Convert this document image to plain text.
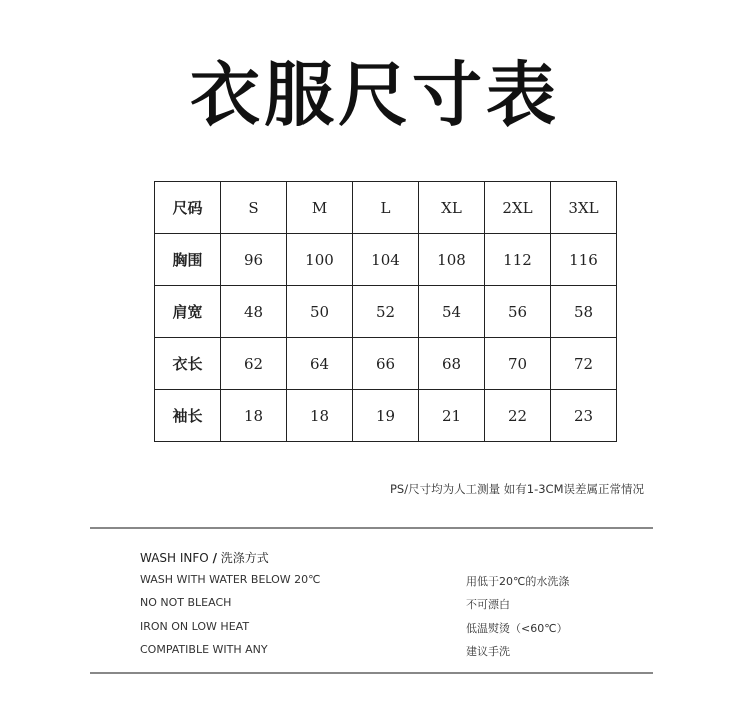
衣服尺寸表
尺码	S	M	L	XL	2XL	3XL
胸围	96	100	104	108	112	116
肩宽	48	50	52	54	56	58
衣长	62	64	66	68	70	72
袖长	18	18	19	21	22	23
PS/尺寸均为人工测量 如有1-3CM误差属正常情况
WASH INFO / 洗涤方式
WASH WITH WATER BELOW 20℃
NO NOT BLEACH
IRON ON LOW HEAT
COMPATIBLE WITH ANY
用低于20℃的水洗涤
不可漂白
低温熨烫（<60℃）
建议手洗
